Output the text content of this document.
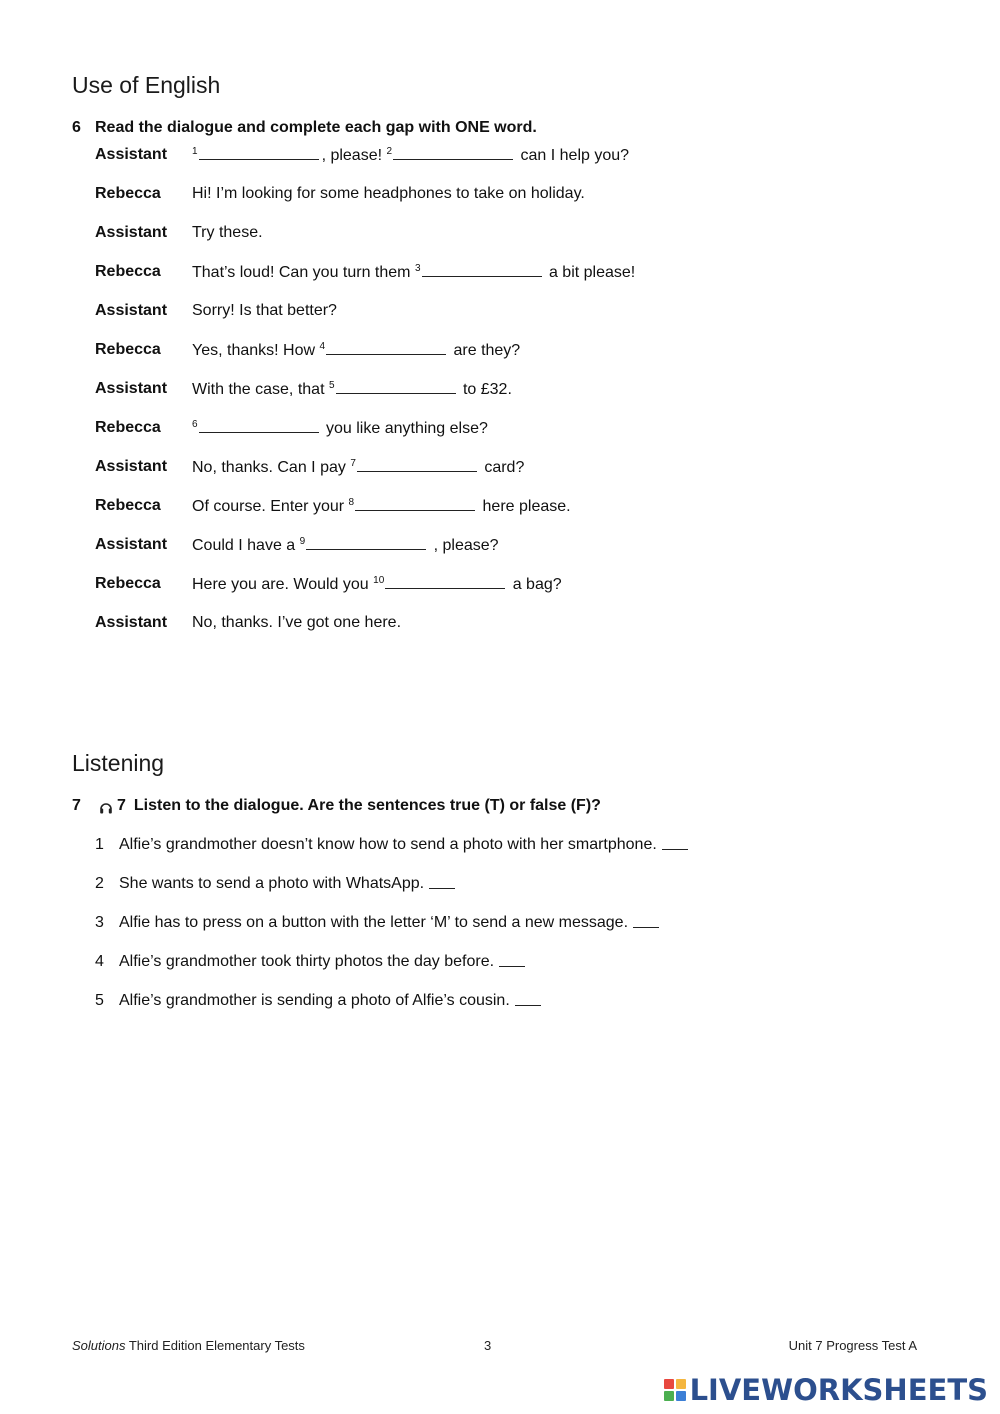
Use of English
6 Read the dialogue and complete each gap with ONE word.
Assistant	$^1$	, please! $^2$	can I help you?
Rebecca	Hi! I’m looking for some headphones to take on holiday.
Assistant	Try these.
Rebecca	That’s loud! Can you turn them $^3$	a bit please!
Assistant	Sorry! Is that better?
Rebecca	Yes, thanks! How $^4$	are they?
Assistant	With the case, that $^5$	to £32.
Rebecca	$^6$	you like anything else?
Assistant	No, thanks. Can I pay $^7$	card?
Rebecca	Of course. Enter your $^8$	here please.
Assistant	Could I have a $^9$	, please?
Rebecca	Here you are. Would you $^{10}$	a bag?
Assistant	No, thanks. I’ve got one here.
Listening
7	7 Listen to the dialogue. Are the sentences true (T) or false (F)?
1 Alfie’s grandmother doesn’t know how to send a photo with her smartphone.
2 She wants to send a photo with WhatsApp.
3 Alfie has to press on a button with the letter ‘M’ to send a new message.
4 Alfie’s grandmother took thirty photos the day before.
5 Alfie’s grandmother is sending a photo of Alfie’s cousin.
Solutions Third Edition Elementary Tests	3	Unit 7 Progress Test A
LIVEWORKSHEETS
